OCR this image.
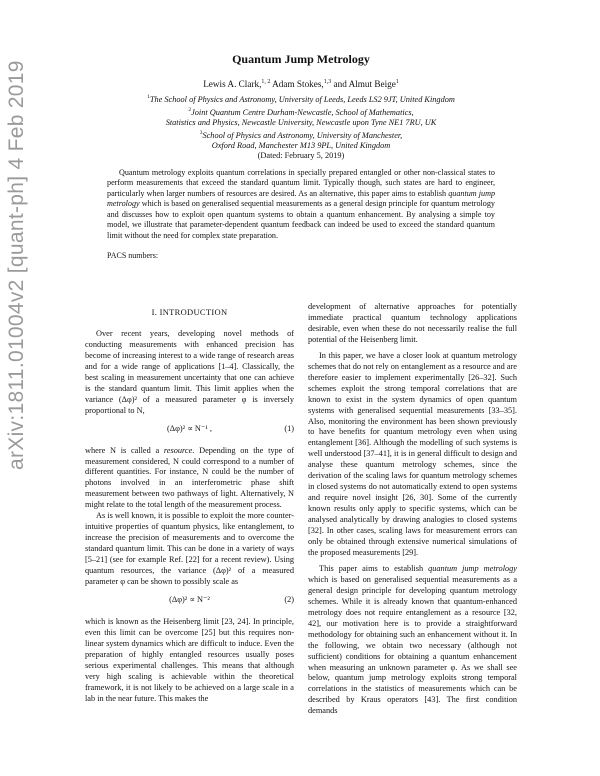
arXiv:1811.01004v2 [quant-ph] 4 Feb 2019
Quantum Jump Metrology
Lewis A. Clark,$^{1, 2}$ Adam Stokes,$^{1,3}$ and Almut Beige$^1$
$^1$The School of Physics and Astronomy, University of Leeds, Leeds LS2 9JT, United Kingdom
$^2$Joint Quantum Centre Durham-Newcastle, School of Mathematics,
Statistics and Physics, Newcastle University, Newcastle upon Tyne NE1 7RU, UK
$^3$School of Physics and Astronomy, University of Manchester,
Oxford Road, Manchester M13 9PL, United Kingdom
(Dated: February 5, 2019)
Quantum metrology exploits quantum correlations in specially prepared entangled or other non-classical states to perform measurements that exceed the standard quantum limit. Typically though, such states are hard to engineer, particularly when larger numbers of resources are desired. As an alternative, this paper aims to establish quantum jump metrology which is based on generalised sequential measurements as a general design principle for quantum metrology and discusses how to exploit open quantum systems to obtain a quantum enhancement. By analysing a simple toy model, we illustrate that parameter-dependent quantum feedback can indeed be used to exceed the standard quantum limit without the need for complex state preparation.
PACS numbers:
I. INTRODUCTION

Over recent years, developing novel methods of conducting measurements with enhanced precision has become of increasing interest to a wide range of research areas and for a wide range of applications [1–4]. Classically, the best scaling in measurement uncertainty that one can achieve is the standard quantum limit. This limit applies when the variance (Δφ)² of a measured parameter φ is inversely proportional to N,

(Δφ)² ∝ N⁻¹ ,	(1)

where N is called a resource. Depending on the type of measurement considered, N could correspond to a number of different quantities. For instance, N could be the number of photons involved in an interferometric phase shift measurement between two pathways of light. Alternatively, N might relate to the total length of the measurement process.

As is well known, it is possible to exploit the more counter-intuitive properties of quantum physics, like entanglement, to increase the precision of measurements and to overcome the standard quantum limit. This can be done in a variety of ways [5–21] (see for example Ref. [22] for a recent review). Using quantum resources, the variance (Δφ)² of a measured parameter φ can be shown to possibly scale as

(Δφ)² ∝ N⁻²	(2)

which is known as the Heisenberg limit [23, 24]. In principle, even this limit can be overcome [25] but this requires non-linear system dynamics which are difficult to induce. Even the preparation of highly entangled resources usually poses serious experimental challenges. This means that although very high scaling is achievable within the theoretical framework, it is not likely to be achieved on a large scale in a lab in the near future. This makes the

development of alternative approaches for potentially immediate practical quantum technology applications desirable, even when these do not necessarily realise the full potential of the Heisenberg limit.

In this paper, we have a closer look at quantum metrology schemes that do not rely on entanglement as a resource and are therefore easier to implement experimentally [26–32]. Such schemes exploit the strong temporal correlations that are known to exist in the system dynamics of open quantum systems with generalised sequential measurements [33–35]. Also, monitoring the environment has been shown previously to have benefits for quantum metrology even when using entanglement [36]. Although the modelling of such systems is well understood [37–41], it is in general difficult to design and analyse these quantum metrology schemes, since the derivation of the scaling laws for quantum metrology schemes in closed systems do not automatically extend to open systems and require novel insight [26, 30]. Some of the currently known results only apply to specific systems, which can be analysed analytically by drawing analogies to closed systems [32]. In other cases, scaling laws for measurement errors can only be obtained through extensive numerical simulations of the proposed measurements [29].

This paper aims to establish quantum jump metrology which is based on generalised sequential measurements as a general design principle for developing quantum metrology schemes. While it is already known that quantum-enhanced metrology does not require entanglement as a resource [32, 42], our motivation here is to provide a straightforward methodology for obtaining such an enhancement without it. In the following, we obtain two necessary (although not sufficient) conditions for obtaining a quantum enhancement when measuring an unknown parameter φ. As we shall see below, quantum jump metrology exploits strong temporal correlations in the statistics of measurements which can be described by Kraus operators [43]. The first condition demands
